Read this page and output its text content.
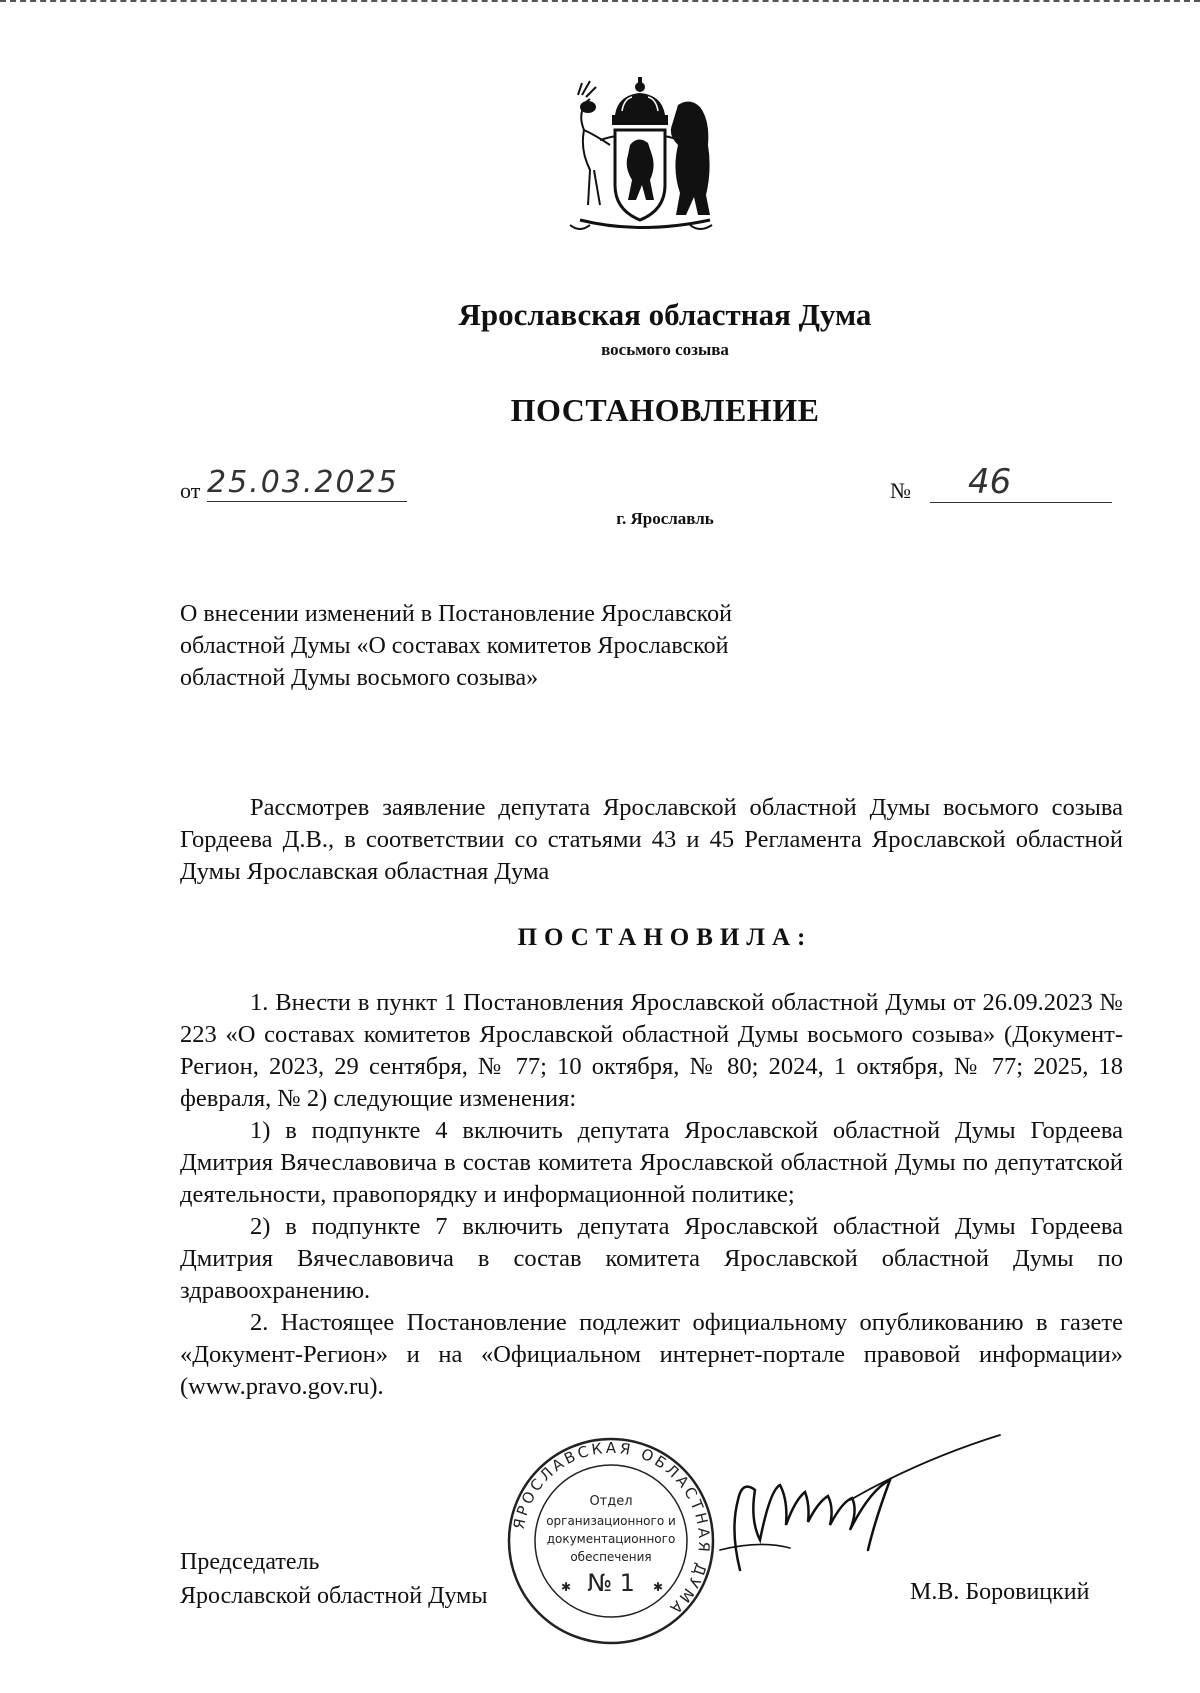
Ярославская областная Дума
восьмого созыва
ПОСТАНОВЛЕНИЕ
от 25.03.2025	№	46
г. Ярославль
О внесении изменений в Постановление Ярославской областной Думы «О составах комитетов Ярославской областной Думы восьмого созыва»

Рассмотрев заявление депутата Ярославской областной Думы восьмого созыва Гордеева Д.В., в соответствии со статьями 43 и 45 Регламента Ярославской областной Думы Ярославская областная Дума

ПОСТАНОВИЛА:

1. Внести в пункт 1 Постановления Ярославской областной Думы от 26.09.2023 № 223 «О составах комитетов Ярославской областной Думы восьмого созыва» (Документ-Регион, 2023, 29 сентября, № 77; 10 октября, № 80; 2024, 1 октября, № 77; 2025, 18 февраля, № 2) следующие изменения:

1) в подпункте 4 включить депутата Ярославской областной Думы Гордеева Дмитрия Вячеславовича в состав комитета Ярославской областной Думы по депутатской деятельности, правопорядку и информационной политике;

2) в подпункте 7 включить депутата Ярославской областной Думы Гордеева Дмитрия Вячеславовича в состав комитета Ярославской областной Думы по здравоохранению.

2. Настоящее Постановление подлежит официальному опубликованию в газете «Документ-Регион» и на «Официальном интернет-портале правовой информации» (www.pravo.gov.ru).

Председатель
Ярославской областной Думы	М.В. Боровицкий
ЯРОСЛАВСКАЯ ОБЛАСТНАЯ ДУМА
Отдел
организационного и
документационного
обеспечения
№ 1
✱	✱
